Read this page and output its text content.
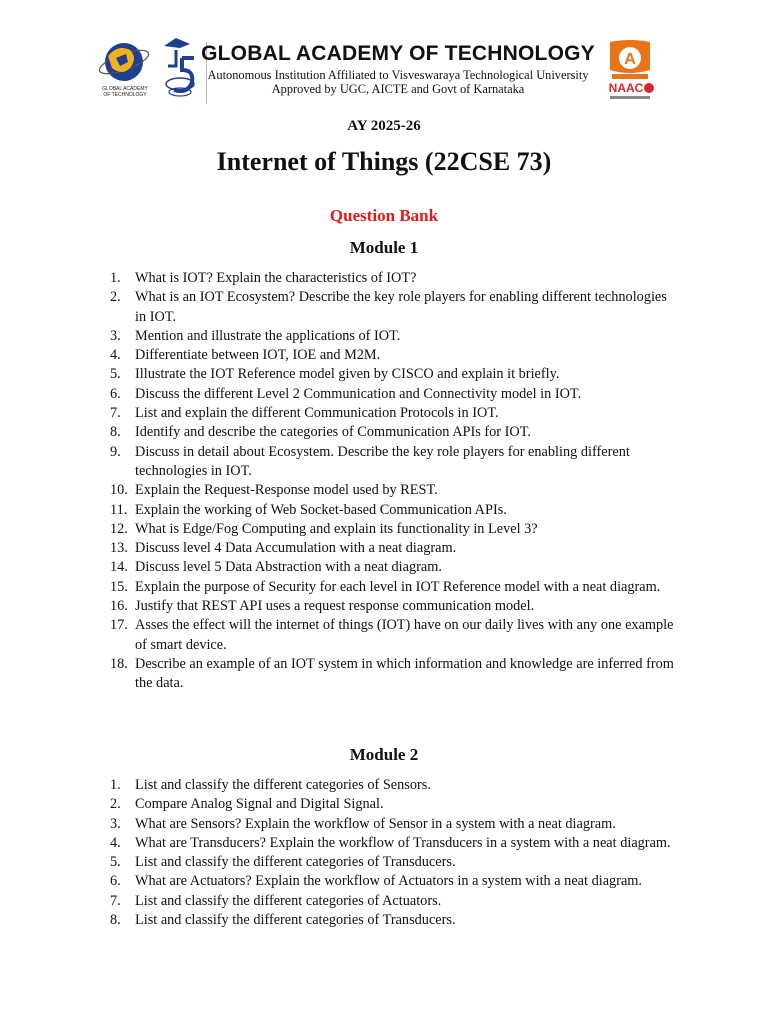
GLOBAL ACADEMY
OF TECHNOLOGY
GLOBAL ACADEMY OF TECHNOLOGY
Autonomous Institution Affiliated to Visveswaraya Technological University
Approved by UGC, AICTE and Govt of Karnataka
A
NAAC
AY 2025-26
Internet of Things (22CSE 73)
Question Bank
Module 1
1. What is IOT? Explain the characteristics of IOT?
2. What is an IOT Ecosystem? Describe the key role players for enabling different technologies in IOT.
3. Mention and illustrate the applications of IOT.
4. Differentiate between IOT, IOE and M2M.
5. Illustrate the IOT Reference model given by CISCO and explain it briefly.
6. Discuss the different Level 2 Communication and Connectivity model in IOT.
7. List and explain the different Communication Protocols in IOT.
8. Identify and describe the categories of Communication APIs for IOT.
9. Discuss in detail about Ecosystem. Describe the key role players for enabling different technologies in IOT.
10. Explain the Request-Response model used by REST.
11. Explain the working of Web Socket-based Communication APIs.
12. What is Edge/Fog Computing and explain its functionality in Level 3?
13. Discuss level 4 Data Accumulation with a neat diagram.
14. Discuss level 5 Data Abstraction with a neat diagram.
15. Explain the purpose of Security for each level in IOT Reference model with a neat diagram.
16. Justify that REST API uses a request response communication model.
17. Asses the effect will the internet of things (IOT) have on our daily lives with any one example of smart device.
18. Describe an example of an IOT system in which information and knowledge are inferred from the data.
Module 2
1. List and classify the different categories of Sensors.
2. Compare Analog Signal and Digital Signal.
3. What are Sensors? Explain the workflow of Sensor in a system with a neat diagram.
4. What are Transducers? Explain the workflow of Transducers in a system with a neat diagram.
5. List and classify the different categories of Transducers.
6. What are Actuators? Explain the workflow of Actuators in a system with a neat diagram.
7. List and classify the different categories of Actuators.
8. List and classify the different categories of Transducers.
